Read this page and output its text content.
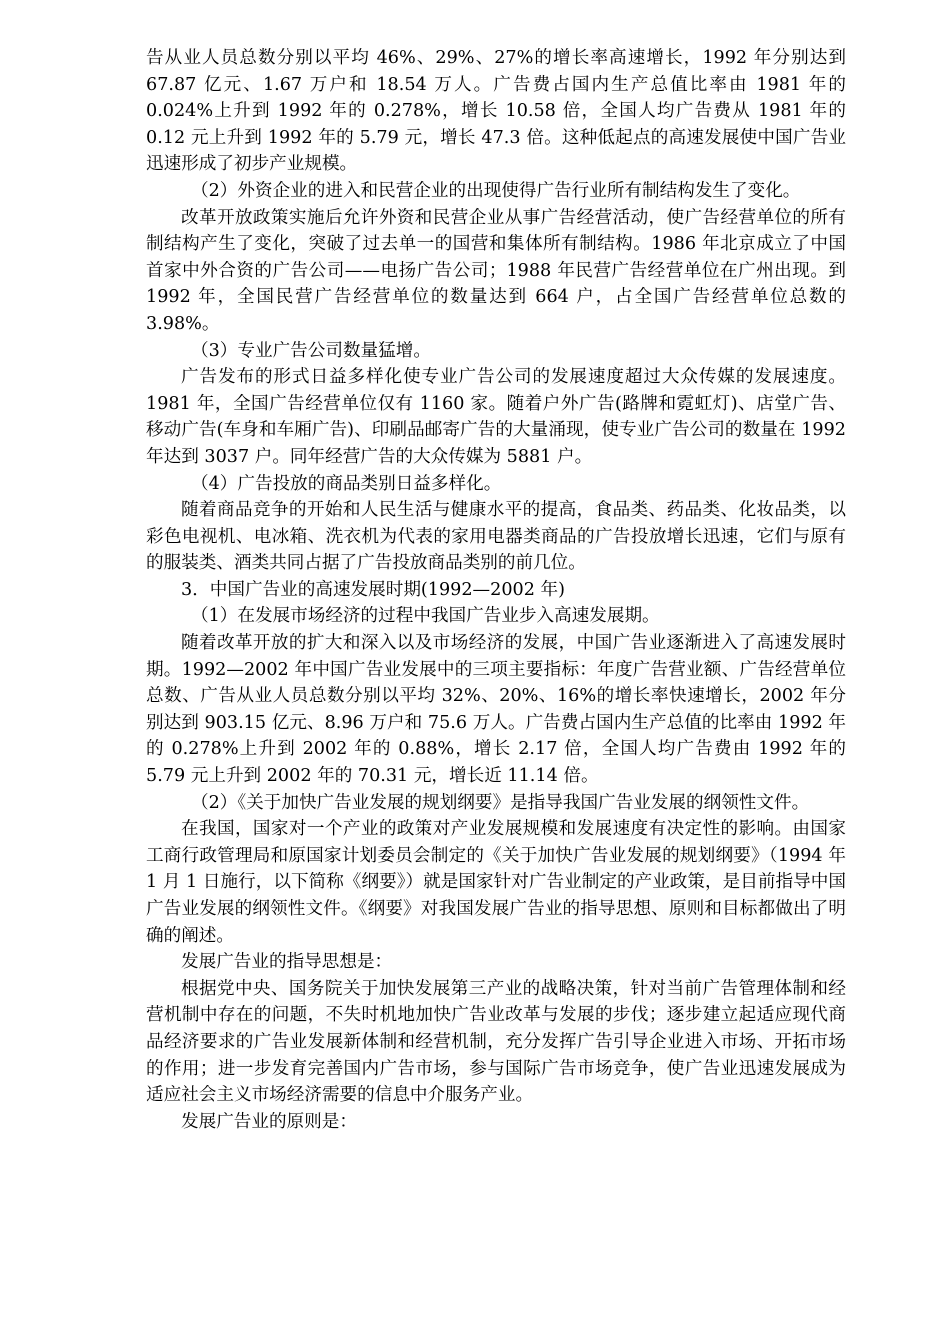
告从业人员总数分别以平均 46%、29%、27%的增长率高速增长，1992 年分别达到 67.87 亿元、1.67 万户和 18.54 万人。广告费占国内生产总值比率由 1981 年的 0.024%上升到 1992 年的 0.278%，增长 10.58 倍，全国人均广告费从 1981 年的 0.12 元上升到 1992 年的 5.79 元，增长 47.3 倍。这种低起点的高速发展使中国广告业迅速形成了初步产业规模。

（2）外资企业的进入和民营企业的出现使得广告行业所有制结构发生了变化。

改革开放政策实施后允许外资和民营企业从事广告经营活动，使广告经营单位的所有制结构产生了变化，突破了过去单一的国营和集体所有制结构。1986 年北京成立了中国首家中外合资的广告公司——电扬广告公司；1988 年民营广告经营单位在广州出现。到 1992 年，全国民营广告经营单位的数量达到 664 户，占全国广告经营单位总数的 3.98%。

（3）专业广告公司数量猛增。

广告发布的形式日益多样化使专业广告公司的发展速度超过大众传媒的发展速度。1981 年，全国广告经营单位仅有 1160 家。随着户外广告(路牌和霓虹灯)、店堂广告、移动广告(车身和车厢广告)、印刷品邮寄广告的大量涌现，使专业广告公司的数量在 1992 年达到 3037 户。同年经营广告的大众传媒为 5881 户。

（4）广告投放的商品类别日益多样化。

随着商品竞争的开始和人民生活与健康水平的提高，食品类、药品类、化妆品类，以彩色电视机、电冰箱、洗衣机为代表的家用电器类商品的广告投放增长迅速，它们与原有的服装类、酒类共同占据了广告投放商品类别的前几位。

3．中国广告业的高速发展时期(1992—2002 年)

（1）在发展市场经济的过程中我国广告业步入高速发展期。

随着改革开放的扩大和深入以及市场经济的发展，中国广告业逐渐进入了高速发展时期。1992—2002 年中国广告业发展中的三项主要指标：年度广告营业额、广告经营单位总数、广告从业人员总数分别以平均 32%、20%、16%的增长率快速增长，2002 年分别达到 903.15 亿元、8.96 万户和 75.6 万人。广告费占国内生产总值的比率由 1992 年的 0.278%上升到 2002 年的 0.88%，增长 2.17 倍，全国人均广告费由 1992 年的 5.79 元上升到 2002 年的 70.31 元，增长近 11.14 倍。

（2）《关于加快广告业发展的规划纲要》是指导我国广告业发展的纲领性文件。

在我国，国家对一个产业的政策对产业发展规模和发展速度有决定性的影响。由国家工商行政管理局和原国家计划委员会制定的《关于加快广告业发展的规划纲要》（1994 年 1 月 1 日施行，以下简称《纲要》）就是国家针对广告业制定的产业政策，是目前指导中国广告业发展的纲领性文件。《纲要》对我国发展广告业的指导思想、原则和目标都做出了明确的阐述。

发展广告业的指导思想是：

根据党中央、国务院关于加快发展第三产业的战略决策，针对当前广告管理体制和经营机制中存在的问题，不失时机地加快广告业改革与发展的步伐；逐步建立起适应现代商品经济要求的广告业发展新体制和经营机制，充分发挥广告引导企业进入市场、开拓市场的作用；进一步发育完善国内广告市场，参与国际广告市场竞争，使广告业迅速发展成为适应社会主义市场经济需要的信息中介服务产业。

发展广告业的原则是：
